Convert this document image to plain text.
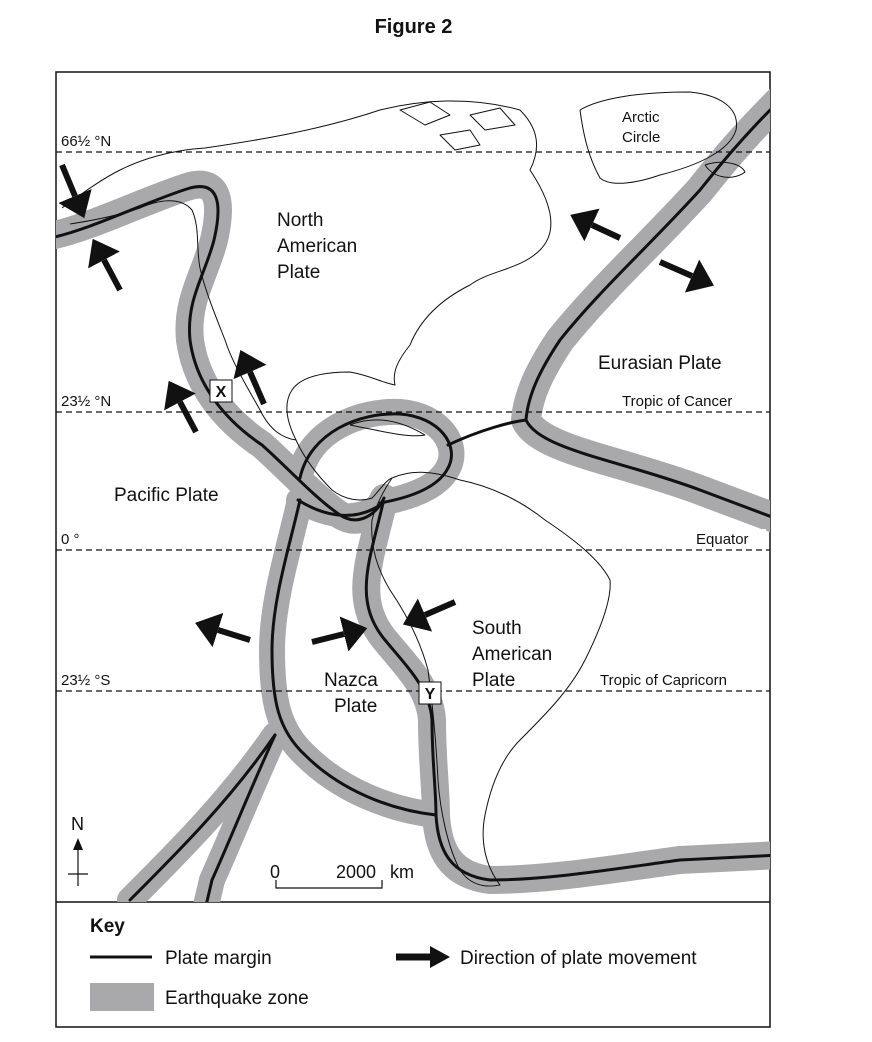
Figure 2
66½ °N
Arctic
Circle
23½ °N	Tropic of Cancer
0 °	Equator
23½ °S	Tropic of Capricorn
North
American
Plate
Eurasian Plate
Pacific Plate
Nazca
Plate
South
American
Plate
X
Y
N
0	2000 km
Key
Plate margin	Direction of plate movement
Earthquake zone
